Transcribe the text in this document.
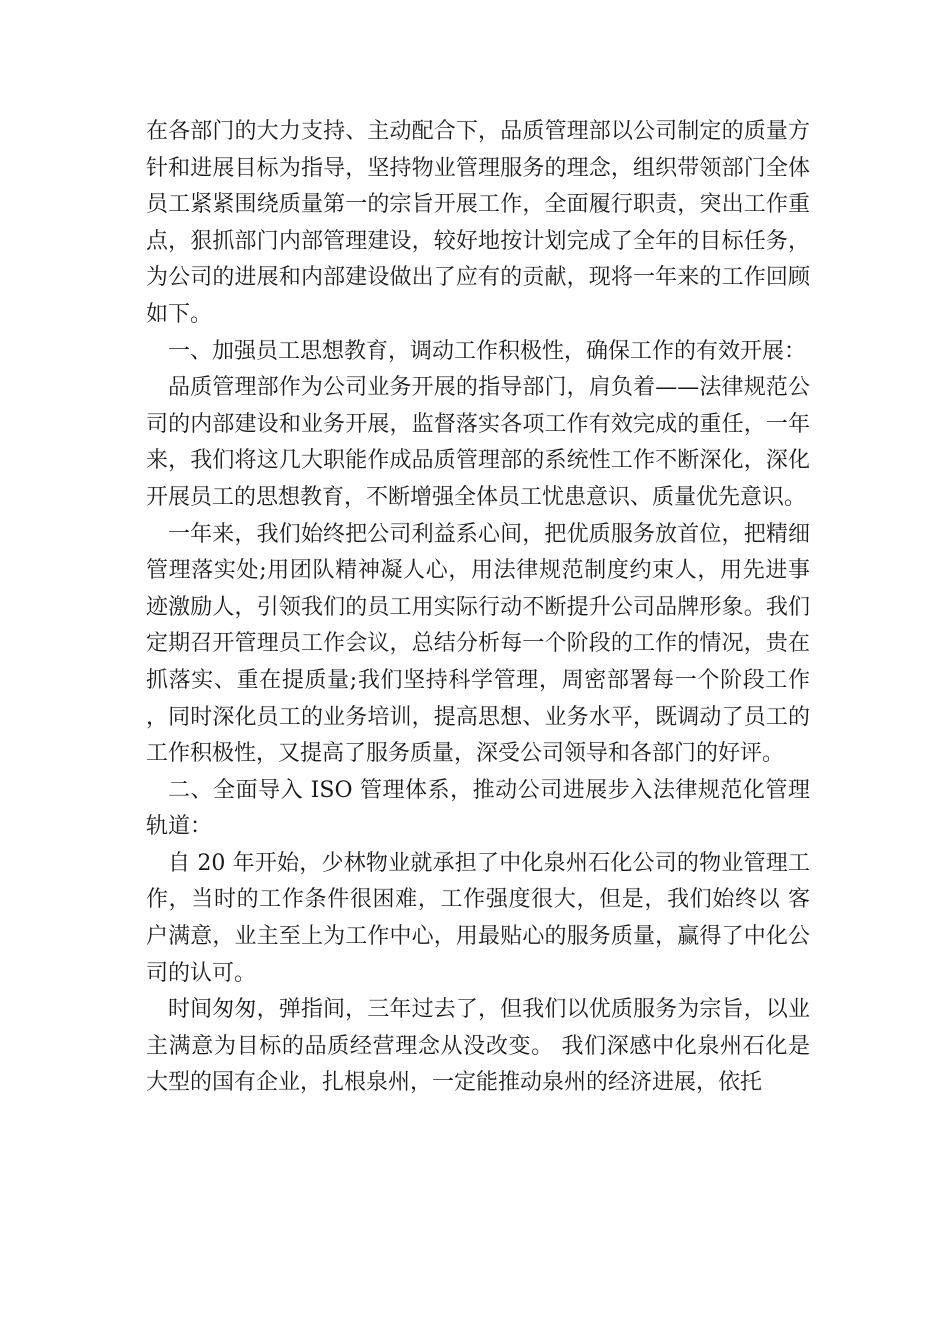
在各部门的大力支持、主动配合下，品质管理部以公司制定的质量方针和进展目标为指导，坚持物业管理服务的理念，组织带领部门全体员工紧紧围绕质量第一的宗旨开展工作，全面履行职责，突出工作重点，狠抓部门内部管理建设，较好地按计划完成了全年的目标任务，为公司的进展和内部建设做出了应有的贡献，现将一年来的工作回顾如下。

一、加强员工思想教育，调动工作积极性，确保工作的有效开展：

品质管理部作为公司业务开展的指导部门，肩负着——法律规范公司的内部建设和业务开展，监督落实各项工作有效完成的重任，一年来，我们将这几大职能作成品质管理部的系统性工作不断深化，深化开展员工的思想教育，不断增强全体员工忧患意识、质量优先意识。

一年来，我们始终把公司利益系心间，把优质服务放首位，把精细管理落实处;用团队精神凝人心，用法律规范制度约束人，用先进事迹激励人，引领我们的员工用实际行动不断提升公司品牌形象。我们定期召开管理员工作会议，总结分析每一个阶段的工作的情况，贵在抓落实、重在提质量;我们坚持科学管理，周密部署每一个阶段工作，同时深化员工的业务培训，提高思想、业务水平，既调动了员工的工作积极性，又提高了服务质量，深受公司领导和各部门的好评。

二、全面导入 ISO 管理体系，推动公司进展步入法律规范化管理轨道：

自 20 年开始，少林物业就承担了中化泉州石化公司的物业管理工作，当时的工作条件很困难，工作强度很大，但是，我们始终以 客户满意，业主至上为工作中心，用最贴心的服务质量，赢得了中化公司的认可。

时间匆匆，弹指间，三年过去了，但我们以优质服务为宗旨，以业主满意为目标的品质经营理念从没改变。 我们深感中化泉州石化是大型的国有企业，扎根泉州，一定能推动泉州的经济进展，依托
